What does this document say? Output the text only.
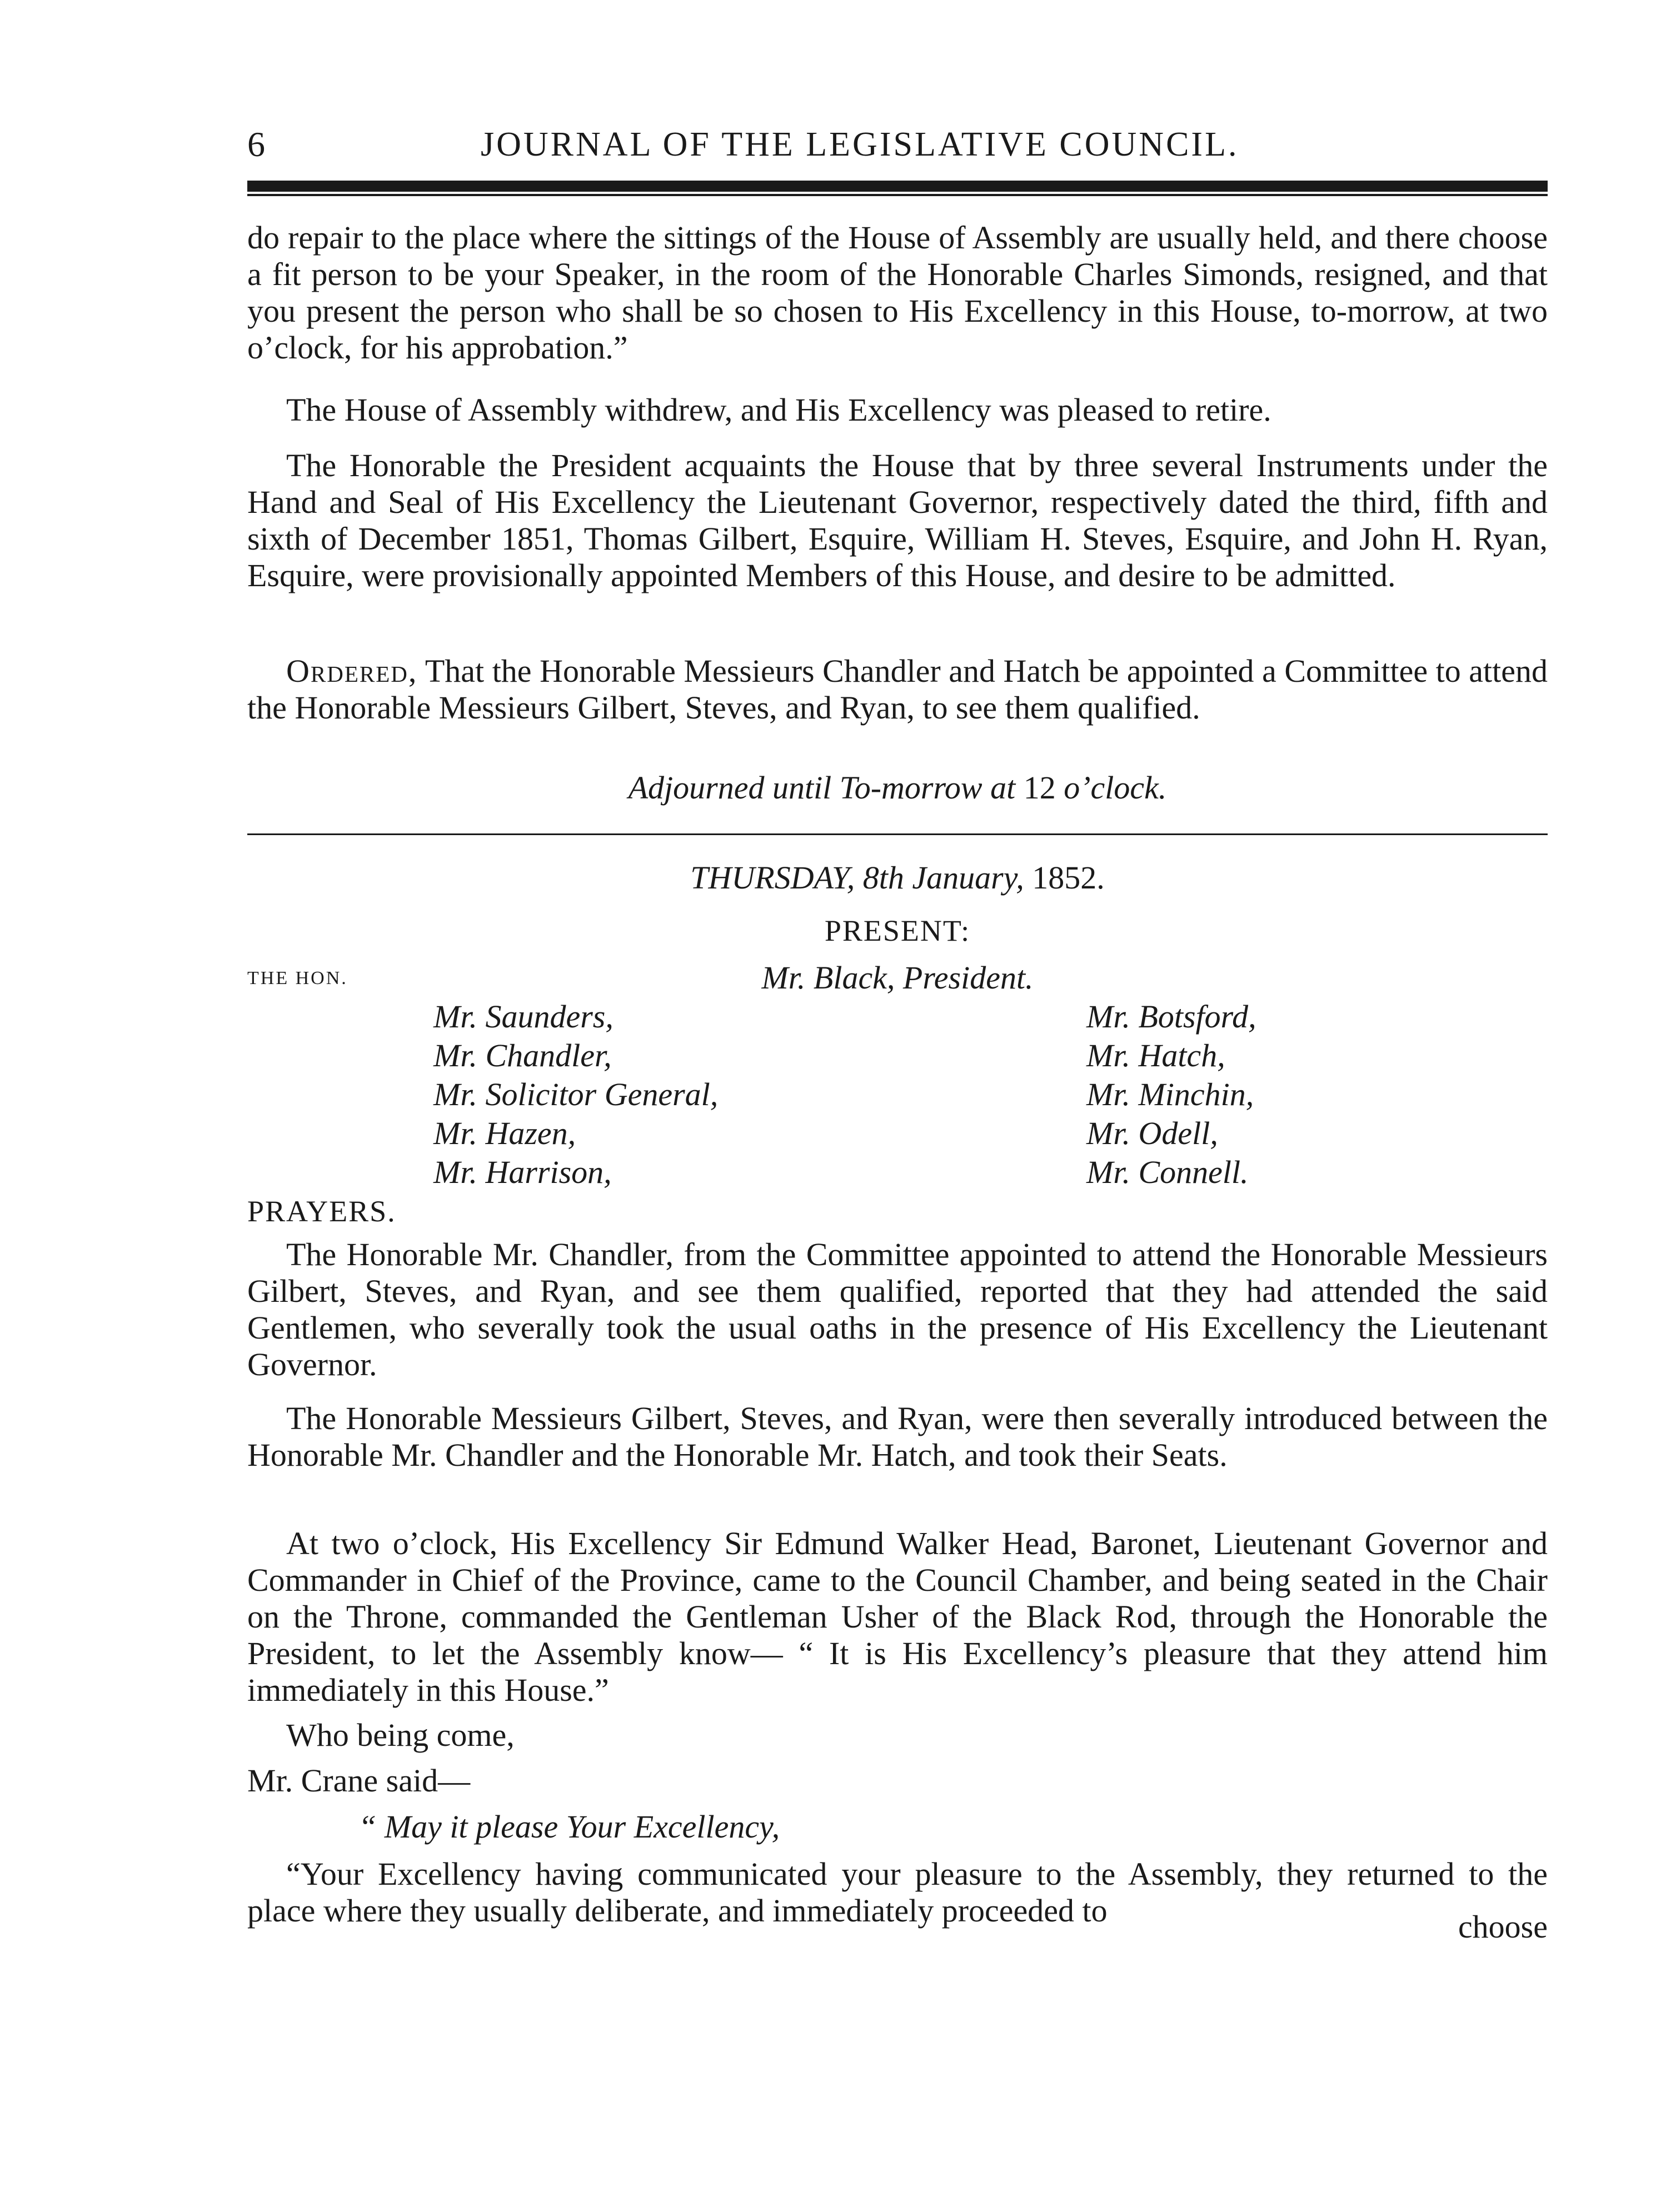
6	JOURNAL OF THE LEGISLATIVE COUNCIL.

do repair to the place where the sittings of the House of Assembly are usually held, and there choose a fit person to be your Speaker, in the room of the Honorable Charles Simonds, resigned, and that you present the person who shall be so chosen to His Excellency in this House, to-morrow, at two o’clock, for his approbation.”

The House of Assembly withdrew, and His Excellency was pleased to retire.

The Honorable the President acquaints the House that by three several Instruments under the Hand and Seal of His Excellency the Lieutenant Governor, respectively dated the third, fifth and sixth of December 1851, Thomas Gilbert, Esquire, William H. Steves, Esquire, and John H. Ryan, Esquire, were provisionally appointed Members of this House, and desire to be admitted.

Ordered, That the Honorable Messieurs Chandler and Hatch be appointed a Committee to attend the Honorable Messieurs Gilbert, Steves, and Ryan, to see them qualified.

Adjourned until To-morrow at 12 o’clock.
THURSDAY, 8th January, 1852.
PRESENT:
THE HON.	Mr. Black, President.
Mr. Saunders,
Mr. Chandler,
Mr. Solicitor General,
Mr. Hazen,
Mr. Harrison,
Mr. Botsford,
Mr. Hatch,
Mr. Minchin,
Mr. Odell,
Mr. Connell.
PRAYERS.

The Honorable Mr. Chandler, from the Committee appointed to attend the Honorable Messieurs Gilbert, Steves, and Ryan, and see them qualified, reported that they had attended the said Gentlemen, who severally took the usual oaths in the presence of His Excellency the Lieutenant Governor.

The Honorable Messieurs Gilbert, Steves, and Ryan, were then severally introduced between the Honorable Mr. Chandler and the Honorable Mr. Hatch, and took their Seats.

At two o’clock, His Excellency Sir Edmund Walker Head, Baronet, Lieutenant Governor and Commander in Chief of the Province, came to the Council Chamber, and being seated in the Chair on the Throne, commanded the Gentleman Usher of the Black Rod, through the Honorable the President, to let the Assembly know— “ It is His Excellency’s pleasure that they attend him immediately in this House.”

Who being come,

Mr. Crane said—

“ May it please Your Excellency,

“Your Excellency having communicated your pleasure to the Assembly, they returned to the place where they usually deliberate, and immediately proceeded to	choose
